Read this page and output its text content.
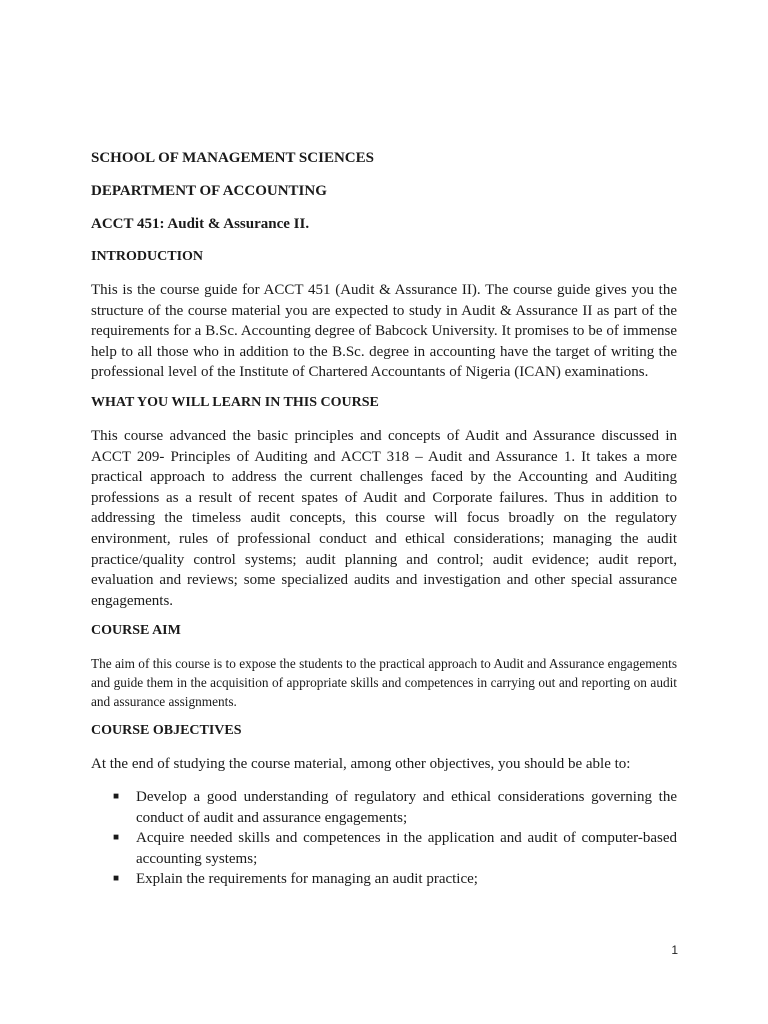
SCHOOL OF MANAGEMENT SCIENCES

DEPARTMENT OF ACCOUNTING

ACCT 451: Audit & Assurance II.

INTRODUCTION

This is the course guide for ACCT 451 (Audit & Assurance II). The course guide gives you the structure of the course material you are expected to study in Audit & Assurance II as part of the requirements for a B.Sc. Accounting degree of Babcock University. It promises to be of immense help to all those who in addition to the B.Sc. degree in accounting have the target of writing the professional level of the Institute of Chartered Accountants of Nigeria (ICAN) examinations.

WHAT YOU WILL LEARN IN THIS COURSE

This course advanced the basic principles and concepts of Audit and Assurance discussed in ACCT 209- Principles of Auditing and ACCT 318 – Audit and Assurance 1. It takes a more practical approach to address the current challenges faced by the Accounting and Auditing professions as a result of recent spates of Audit and Corporate failures. Thus in addition to addressing the timeless audit concepts, this course will focus broadly on the regulatory environment, rules of professional conduct and ethical considerations; managing the audit practice/quality control systems; audit planning and control; audit evidence; audit report, evaluation and reviews; some specialized audits and investigation and other special assurance engagements.

COURSE AIM

The aim of this course is to expose the students to the practical approach to Audit and Assurance engagements and guide them in the acquisition of appropriate skills and competences in carrying out and reporting on audit and assurance assignments.

COURSE OBJECTIVES

At the end of studying the course material, among other objectives, you should be able to:

■ Develop a good understanding of regulatory and ethical considerations governing the conduct of audit and assurance engagements;
■ Acquire needed skills and competences in the application and audit of computer-based accounting systems;
■ Explain the requirements for managing an audit practice;
1
